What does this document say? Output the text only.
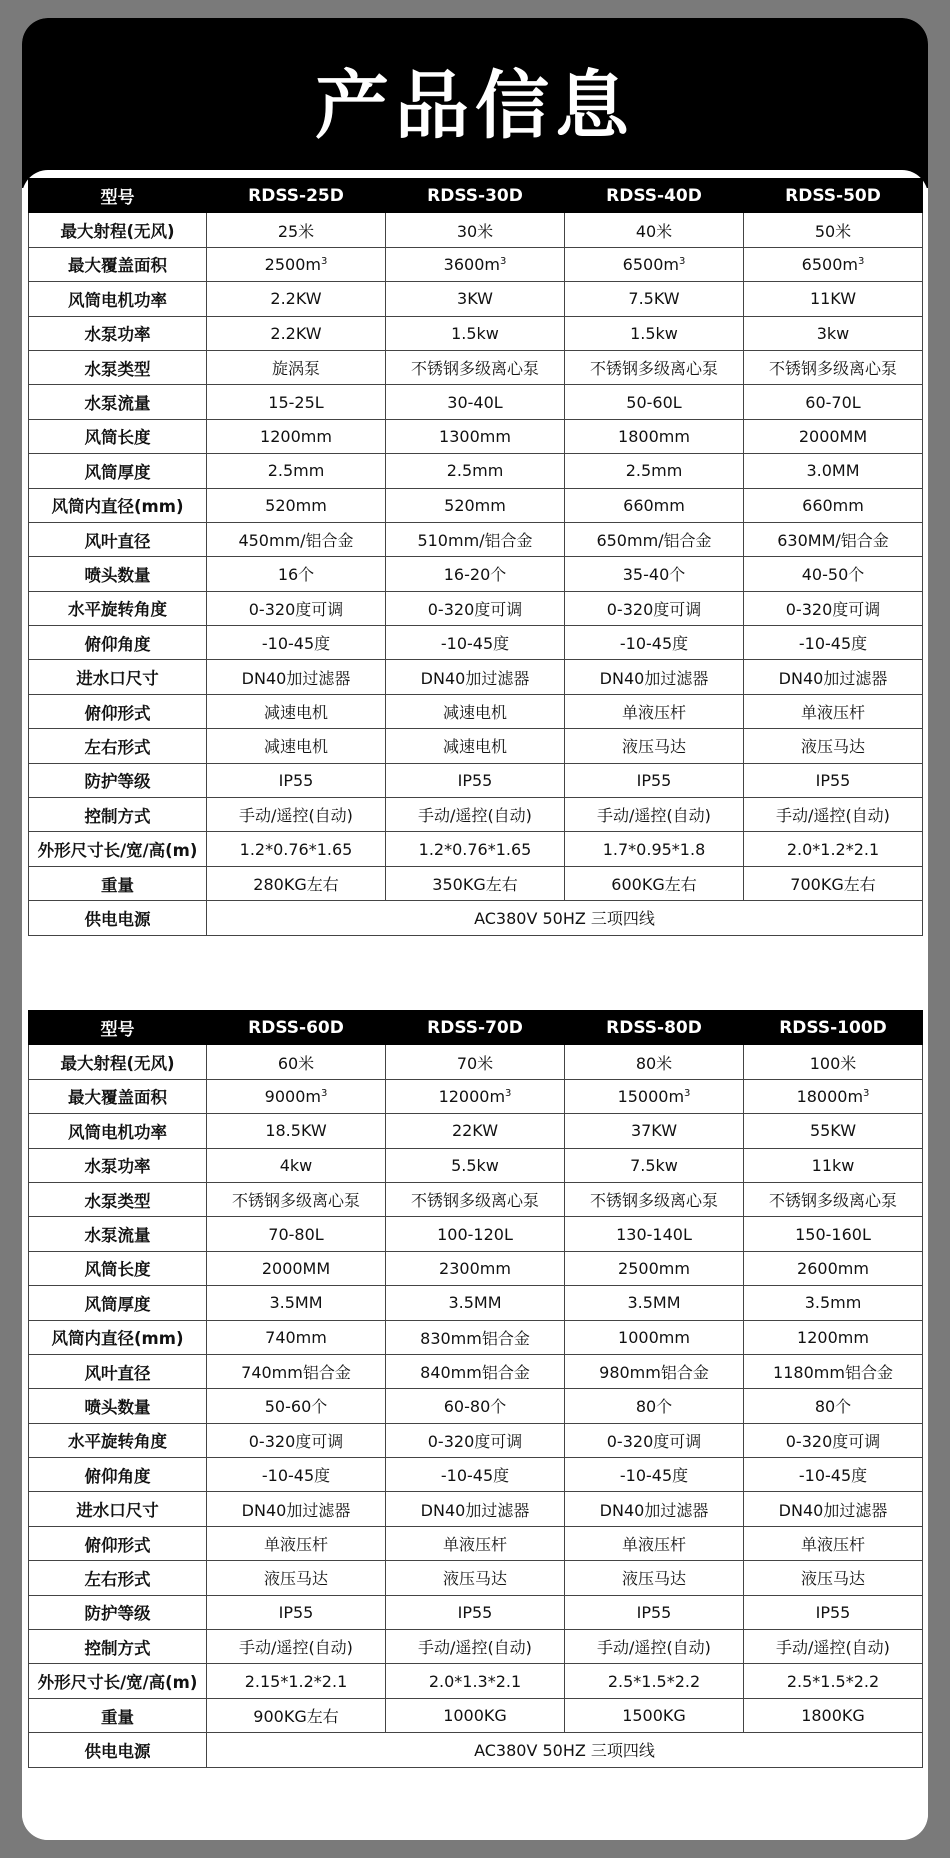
产品信息
型号	RDSS-25D	RDSS-30D	RDSS-40D	RDSS-50D
最大射程(无风)	25米	30米	40米	50米
最大覆盖面积	$2500m^3$	$3600m^3$	$6500m^3$	$6500m^3$
风筒电机功率	2.2KW	3KW	7.5KW	11KW
水泵功率	2.2KW	1.5kw	1.5kw	3kw
水泵类型	旋涡泵	不锈钢多级离心泵	不锈钢多级离心泵	不锈钢多级离心泵
水泵流量	15-25L	30-40L	50-60L	60-70L
风筒长度	1200mm	1300mm	1800mm	2000MM
风筒厚度	2.5mm	2.5mm	2.5mm	3.0MM
风筒内直径(mm)	520mm	520mm	660mm	660mm
风叶直径	450mm/铝合金	510mm/铝合金	650mm/铝合金	630MM/铝合金
喷头数量	16个	16-20个	35-40个	40-50个
水平旋转角度	0-320度可调	0-320度可调	0-320度可调	0-320度可调
俯仰角度	-10-45度	-10-45度	-10-45度	-10-45度
进水口尺寸	DN40加过滤器	DN40加过滤器	DN40加过滤器	DN40加过滤器
俯仰形式	减速电机	减速电机	单液压杆	单液压杆
左右形式	减速电机	减速电机	液压马达	液压马达
防护等级	IP55	IP55	IP55	IP55
控制方式	手动/遥控(自动)	手动/遥控(自动)	手动/遥控(自动)	手动/遥控(自动)
外形尺寸长/宽/高(m)	1.2*0.76*1.65	1.2*0.76*1.65	1.7*0.95*1.8	2.0*1.2*2.1
重量	280KG左右	350KG左右	600KG左右	700KG左右
供电电源	AC380V 50HZ 三项四线			
型号	RDSS-60D	RDSS-70D	RDSS-80D	RDSS-100D
最大射程(无风)	60米	70米	80米	100米
最大覆盖面积	$9000m^3$	$12000m^3$	$15000m^3$	$18000m^3$
风筒电机功率	18.5KW	22KW	37KW	55KW
水泵功率	4kw	5.5kw	7.5kw	11kw
水泵类型	不锈钢多级离心泵	不锈钢多级离心泵	不锈钢多级离心泵	不锈钢多级离心泵
水泵流量	70-80L	100-120L	130-140L	150-160L
风筒长度	2000MM	2300mm	2500mm	2600mm
风筒厚度	3.5MM	3.5MM	3.5MM	3.5mm
风筒内直径(mm)	740mm	830mm铝合金	1000mm	1200mm
风叶直径	740mm铝合金	840mm铝合金	980mm铝合金	1180mm铝合金
喷头数量	50-60个	60-80个	80个	80个
水平旋转角度	0-320度可调	0-320度可调	0-320度可调	0-320度可调
俯仰角度	-10-45度	-10-45度	-10-45度	-10-45度
进水口尺寸	DN40加过滤器	DN40加过滤器	DN40加过滤器	DN40加过滤器
俯仰形式	单液压杆	单液压杆	单液压杆	单液压杆
左右形式	液压马达	液压马达	液压马达	液压马达
防护等级	IP55	IP55	IP55	IP55
控制方式	手动/遥控(自动)	手动/遥控(自动)	手动/遥控(自动)	手动/遥控(自动)
外形尺寸长/宽/高(m)	2.15*1.2*2.1	2.0*1.3*2.1	2.5*1.5*2.2	2.5*1.5*2.2
重量	900KG左右	1000KG	1500KG	1800KG
供电电源	AC380V 50HZ 三项四线			
